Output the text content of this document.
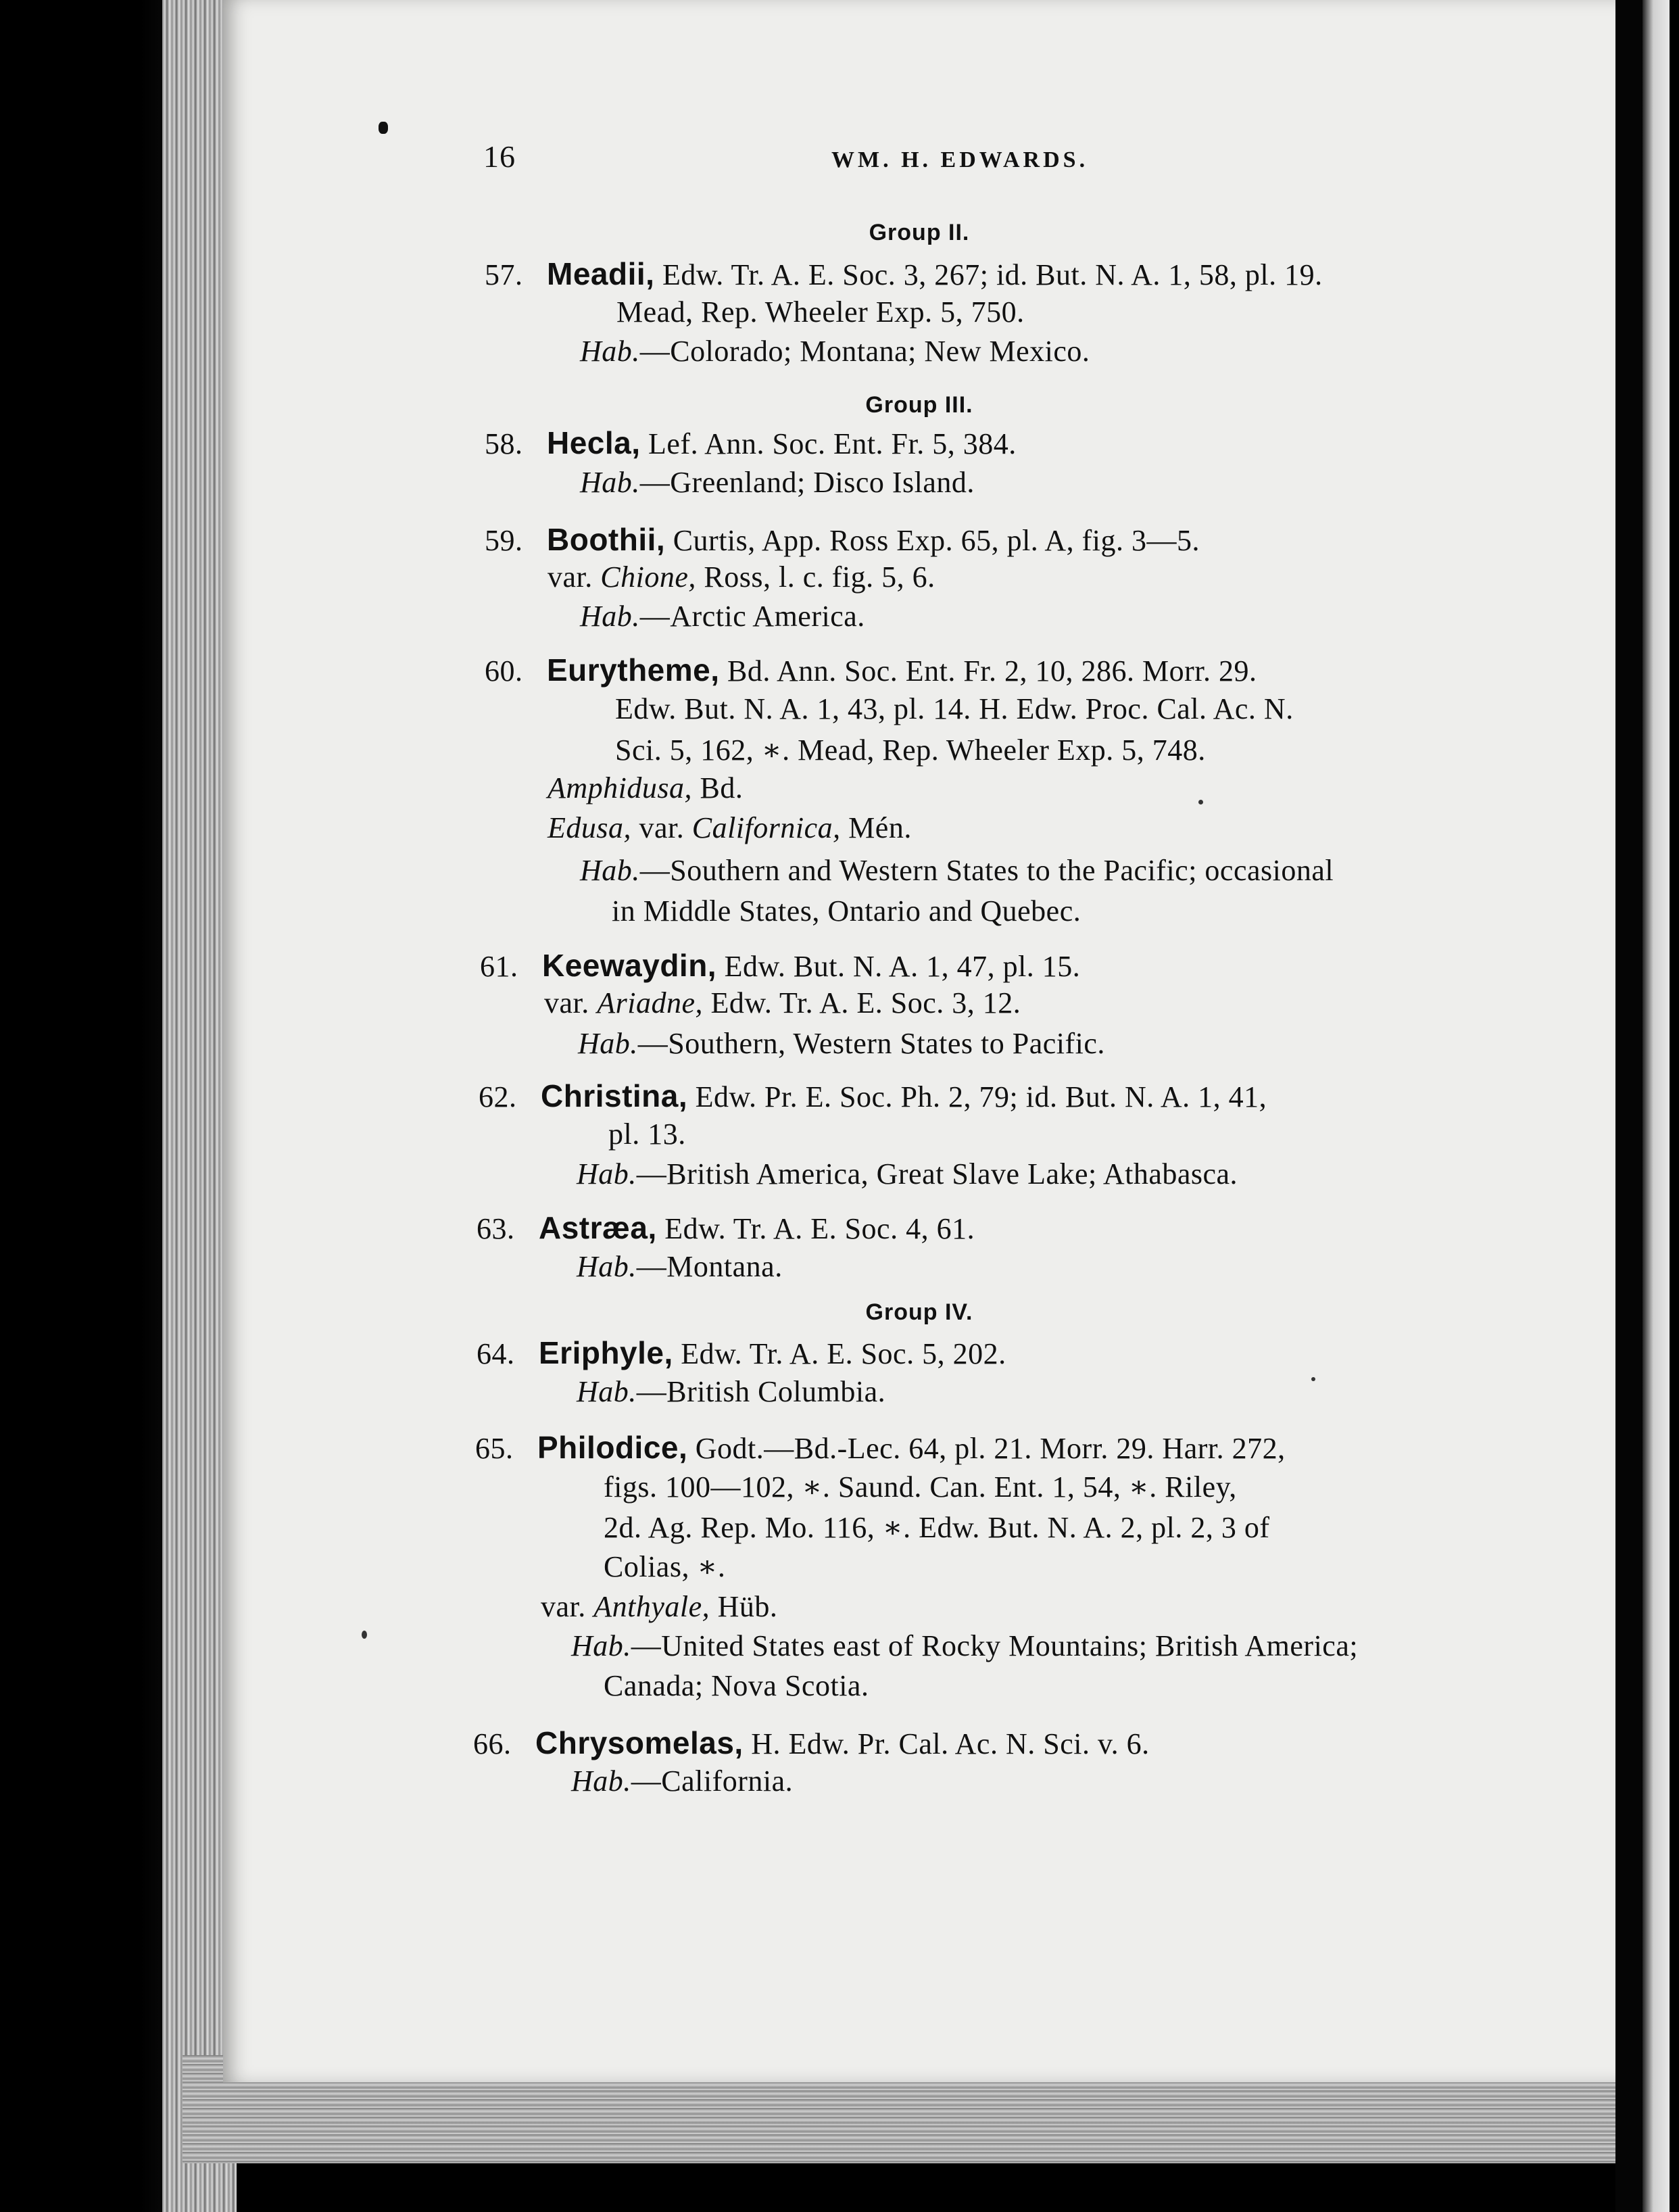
16	WM. H. EDWARDS.
Group II.
57. Meadii, Edw. Tr. A. E. Soc. 3, 267; id. But. N. A. 1, 58, pl. 19.
Mead, Rep. Wheeler Exp. 5, 750.
Hab.—Colorado; Montana; New Mexico.
Group III.
58. Hecla, Lef. Ann. Soc. Ent. Fr. 5, 384.
Hab.—Greenland; Disco Island.
59. Boothii, Curtis, App. Ross Exp. 65, pl. A, fig. 3—5.
var. Chione, Ross, l. c. fig. 5, 6.
Hab.—Arctic America.
60. Eurytheme, Bd. Ann. Soc. Ent. Fr. 2, 10, 286. Morr. 29.
Edw. But. N. A. 1, 43, pl. 14. H. Edw. Proc. Cal. Ac. N.
Sci. 5, 162, ∗. Mead, Rep. Wheeler Exp. 5, 748.
Amphidusa, Bd.
Edusa, var. Californica, Mén.
Hab.—Southern and Western States to the Pacific; occasional
in Middle States, Ontario and Quebec.
61. Keewaydin, Edw. But. N. A. 1, 47, pl. 15.
var. Ariadne, Edw. Tr. A. E. Soc. 3, 12.
Hab.—Southern, Western States to Pacific.
62. Christina, Edw. Pr. E. Soc. Ph. 2, 79; id. But. N. A. 1, 41,
pl. 13.
Hab.—British America, Great Slave Lake; Athabasca.
63. Astræa, Edw. Tr. A. E. Soc. 4, 61.
Hab.—Montana.
Group IV.
64. Eriphyle, Edw. Tr. A. E. Soc. 5, 202.
Hab.—British Columbia.
65. Philodice, Godt.—Bd.-Lec. 64, pl. 21. Morr. 29. Harr. 272,
figs. 100—102, ∗. Saund. Can. Ent. 1, 54, ∗. Riley,
2d. Ag. Rep. Mo. 116, ∗. Edw. But. N. A. 2, pl. 2, 3 of
Colias, ∗.
var. Anthyale, Hüb.
Hab.—United States east of Rocky Mountains; British America;
Canada; Nova Scotia.
66. Chrysomelas, H. Edw. Pr. Cal. Ac. N. Sci. v. 6.
Hab.—California.
